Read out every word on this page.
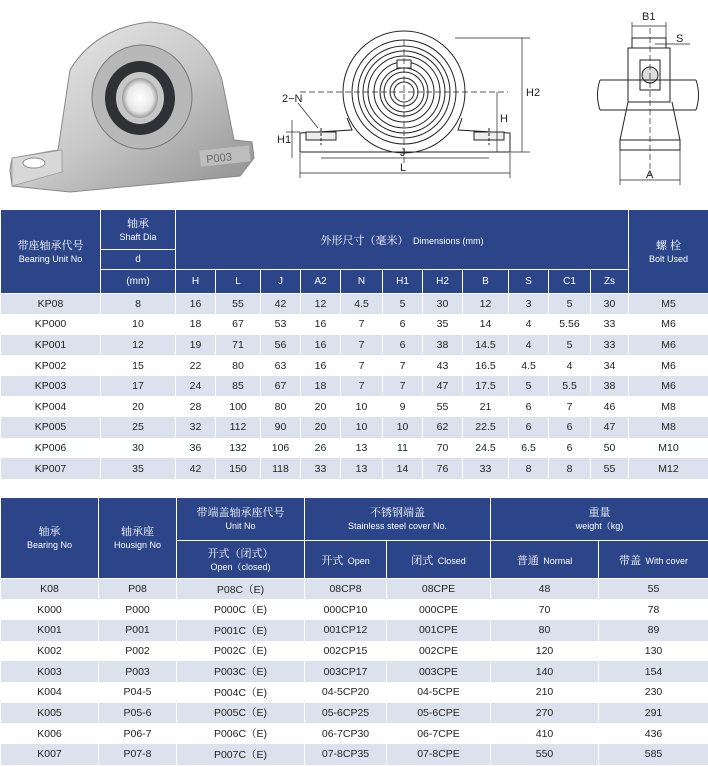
P003
H2
H
H1
2−N
J
L
B1
S
A
带座轴承代号
Bearing Unit No	轴承
Shaft Dia	外形尺寸（毫米） Dimensions (mm)											螺 栓
Bolt Used

	d												
	(mm)	H	L	J	A2	N	H1	H2	B	S	C1	Zs	
KP08	8	16	55	42	12	4.5	5	30	12	3	5	30	M5
KP000	10	18	67	53	16	7	6	35	14	4	5.56	33	M6
KP001	12	19	71	56	16	7	6	38	14.5	4	5	33	M6
KP002	15	22	80	63	16	7	7	43	16.5	4.5	4	34	M6
KP003	17	24	85	67	18	7	7	47	17.5	5	5.5	38	M6
KP004	20	28	100	80	20	10	9	55	21	6	7	46	M8
KP005	25	32	112	90	20	10	10	62	22.5	6	6	47	M8
KP006	30	36	132	106	26	13	11	70	24.5	6.5	6	50	M10
KP007	35	42	150	118	33	13	14	76	33	8	8	55	M12
轴承
Bearing No	轴承座
Housign No	带端盖轴承座代号
Unit No	不锈钢端盖
Stainless steel cover No.		重量
weight（kg)	

		开式（闭式）
Open（closed)	开式 Open	闭式 Closed	普通 Normal	带盖 With cover
K08	P08	P08C（E)	08CP8	08CPE	48	55
K000	P000	P000C（E)	000CP10	000CPE	70	78
K001	P001	P001C（E)	001CP12	001CPE	80	89
K002	P002	P002C（E)	002CP15	002CPE	120	130
K003	P003	P003C（E)	003CP17	003CPE	140	154
K004	P04-5	P004C（E)	04-5CP20	04-5CPE	210	230
K005	P05-6	P005C（E)	05-6CP25	05-6CPE	270	291
K006	P06-7	P006C（E)	06-7CP30	06-7CPE	410	436
K007	P07-8	P007C（E)	07-8CP35	07-8CPE	550	585
